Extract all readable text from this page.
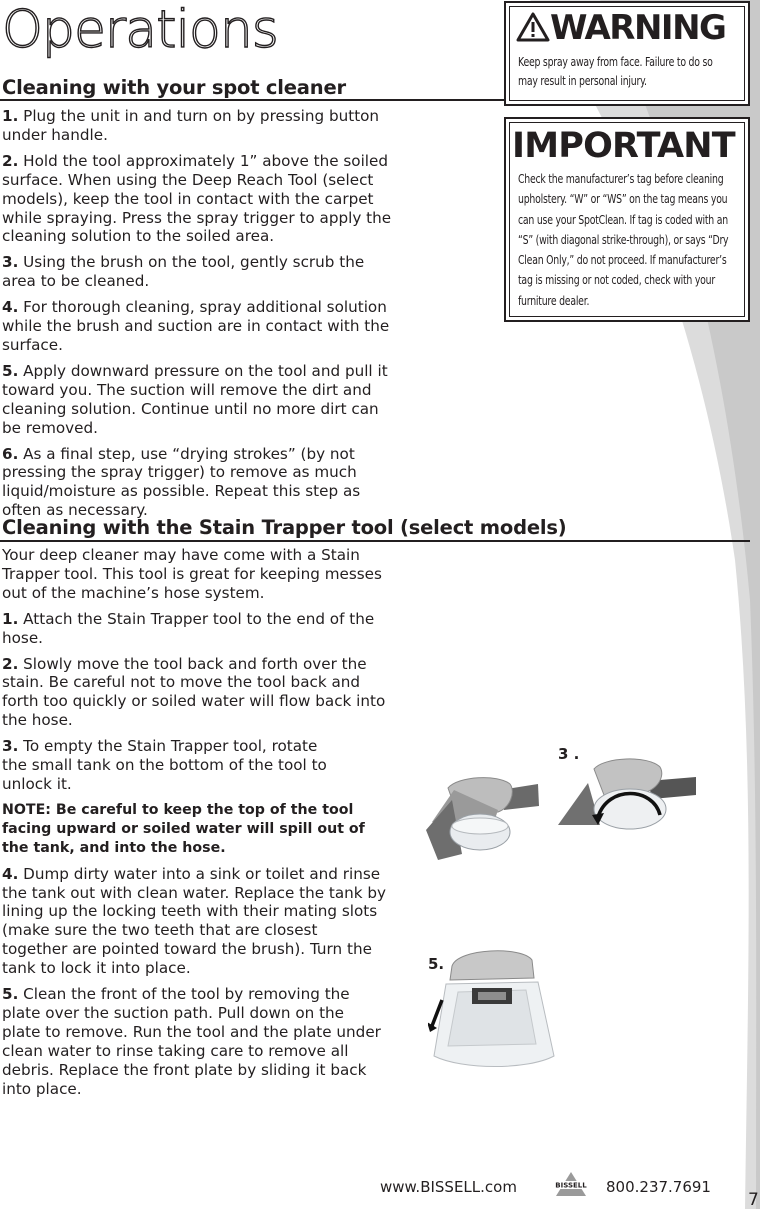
Operations
Cleaning with your spot cleaner

1. Plug the unit in and turn on by pressing button under handle.

2. Hold the tool approximately 1” above the soiled surface. When using the Deep Reach Tool (select models), keep the tool in contact with the carpet while spraying. Press the spray trigger to apply the cleaning solution to the soiled area.

3. Using the brush on the tool, gently scrub the area to be cleaned.

4. For thorough cleaning, spray additional solution while the brush and suction are in contact with the surface.

5. Apply downward pressure on the tool and pull it toward you. The suction will remove the dirt and cleaning solution. Continue until no more dirt can be removed.

6. As a final step, use “drying strokes” (by not pressing the spray trigger) to remove as much liquid/moisture as possible. Repeat this step as often as necessary.

WARNING
Keep spray away from face. Failure to do so may result in personal injury.
IMPORTANT
Check the manufacturer’s tag before cleaning upholstery. “W” or “WS” on the tag means you can use your SpotClean. If tag is coded with an “S” (with diagonal strike-through), or says “Dry Clean Only,” do not proceed. If manufacturer’s tag is missing or not coded, check with your furniture dealer.
Cleaning with the Stain Trapper tool (select models)

Your deep cleaner may have come with a Stain Trapper tool. This tool is great for keeping messes out of the machine’s hose system.

1. Attach the Stain Trapper tool to the end of the hose.

2. Slowly move the tool back and forth over the stain. Be careful not to move the tool back and forth too quickly or soiled water will flow back into the hose.

3. To empty the Stain Trapper tool, rotate the small tank on the bottom of the tool to unlock it.

NOTE: Be careful to keep the top of the tool facing upward or soiled water will spill out of the tank, and into the hose.

4. Dump dirty water into a sink or toilet and rinse the tank out with clean water. Replace the tank by lining up the locking teeth with their mating slots (make sure the two teeth that are closest together are pointed toward the brush). Turn the tank to lock it into place.

5. Clean the front of the tool by removing the plate over the suction path. Pull down on the plate to remove. Run the tool and the plate under clean water to rinse taking care to remove all debris. Replace the front plate by sliding it back into place.

3 .
5.
www.BISSELL.com	BISSELL 800.237.7691
7
